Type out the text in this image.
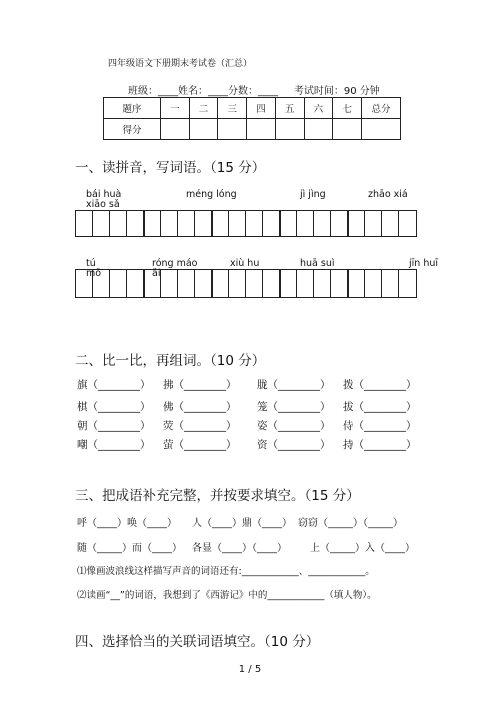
四年级语文下册期末考试卷（汇总）
班级：____姓名：____分数：____     考试时间：90 分钟
题序	一	二	三	四	五	六	七	总分
得分								
一、读拼音，写词语。（15 分）
bái huà
xiāo sǎ
méng lóng	jì jìng	zhāo xiá
tú
mǒ
róng máo
ǎi
xiù hu	huā suì	jīn huī
二、比一比，再组词。（10 分）
旗（________） 拂（________） 胧（________） 拨（________）
棋（________） 佛（________） 笼（________） 拔（________）
朝（________） 荧（________） 姿（________） 侍（________）
嘲（________） 萤（________） 资（________） 持（________）
三、把成语补充完整，并按要求填空。（15 分）
呼（____）唤（____） 人（____）鼎（____） 窃窃（_____）（_____）
随（_____）而（____） 各显（____）（____） 上（_____）入（____）
⑴像画波浪线这样描写声音的词语还有:____________、____________。
⑵读画“__”的词语，我想到了《西游记》中的____________（填人物）。
四、选择恰当的关联词语填空。（10 分）
1 / 5
